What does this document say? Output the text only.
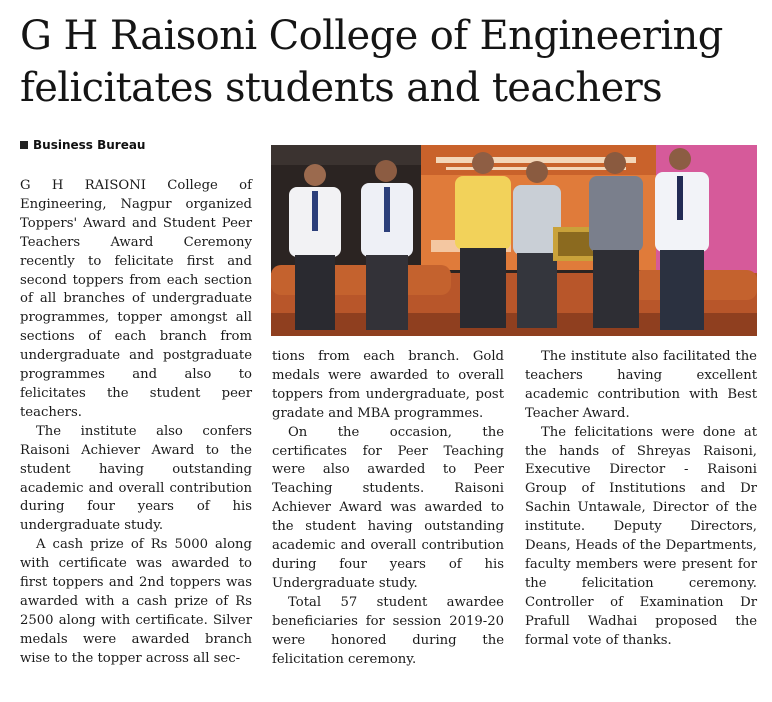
G H Raisoni College of Engineering
felicitates students and teachers
Business Bureau

G H RAISONI College of Engineering, Nagpur organized Toppers' Award and Student Peer Teachers Award Ceremony recently to felicitate first and second toppers from each section of all branches of undergraduate programmes, topper amongst all sections of each branch from undergraduate and postgraduate programmes and also to felicitates the student peer teachers.

The institute also confers Raisoni Achiever Award to the student having outstanding academic and overall contribution during four years of his undergraduate study.

A cash prize of Rs 5000 along with certificate was awarded to first toppers and 2nd toppers was awarded with a cash prize of Rs 2500 along with certificate. Silver medals were awarded branch wise to the topper across all sec-

tions from each branch. Gold medals were awarded to overall toppers from undergraduate, post gradate and MBA programmes.

On the occasion, the certificates for Peer Teaching were also awarded to Peer Teaching students. Raisoni Achiever Award was awarded to the student having outstanding academic and overall contribution during four years of his Undergraduate study.

Total 57 student awardee beneficiaries for session 2019-20 were honored during the felicitation ceremony.

The institute also facilitated the teachers having excellent academic contribution with Best Teacher Award.

The felicitations were done at the hands of Shreyas Raisoni, Executive Director - Raisoni Group of Institutions and Dr Sachin Untawale, Director of the institute. Deputy Directors, Deans, Heads of the Departments, faculty members were present for the felicitation ceremony. Controller of Examination Dr Prafull Wadhai proposed the formal vote of thanks.
